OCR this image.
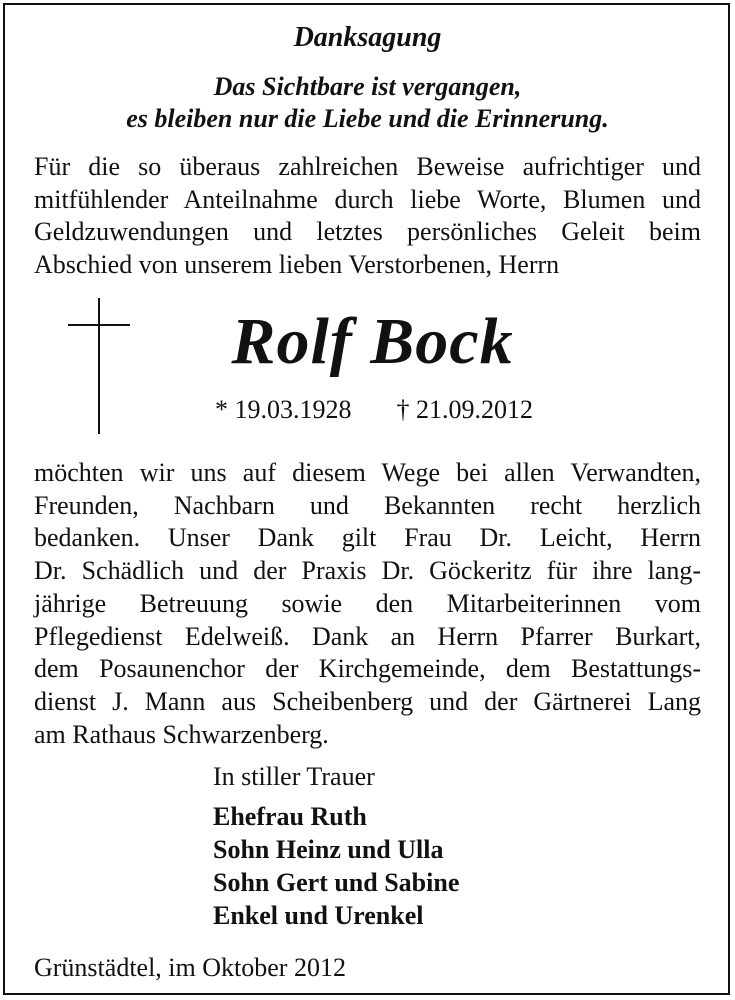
Danksagung
Das Sichtbare ist vergangen,
es bleiben nur die Liebe und die Erinnerung.
Für die so überaus zahlreichen Beweise aufrichtiger und
mitfühlender Anteilnahme durch liebe Worte, Blumen und
Geldzuwendungen und letztes persönliches Geleit beim
Abschied von unserem lieben Verstorbenen, Herrn
Rolf Bock
* 19.03.1928 † 21.09.2012
möchten wir uns auf diesem Wege bei allen Verwandten,
Freunden, Nachbarn und Bekannten recht herzlich
bedanken. Unser Dank gilt Frau Dr. Leicht, Herrn
Dr. Schädlich und der Praxis Dr. Göckeritz für ihre lang-
jährige Betreuung sowie den Mitarbeiterinnen vom
Pflegedienst Edelweiß. Dank an Herrn Pfarrer Burkart,
dem Posaunenchor der Kirchgemeinde, dem Bestattungs-
dienst J. Mann aus Scheibenberg und der Gärtnerei Lang
am Rathaus Schwarzenberg.
In stiller Trauer
Ehefrau Ruth
Sohn Heinz und Ulla
Sohn Gert und Sabine
Enkel und Urenkel
Grünstädtel, im Oktober 2012
